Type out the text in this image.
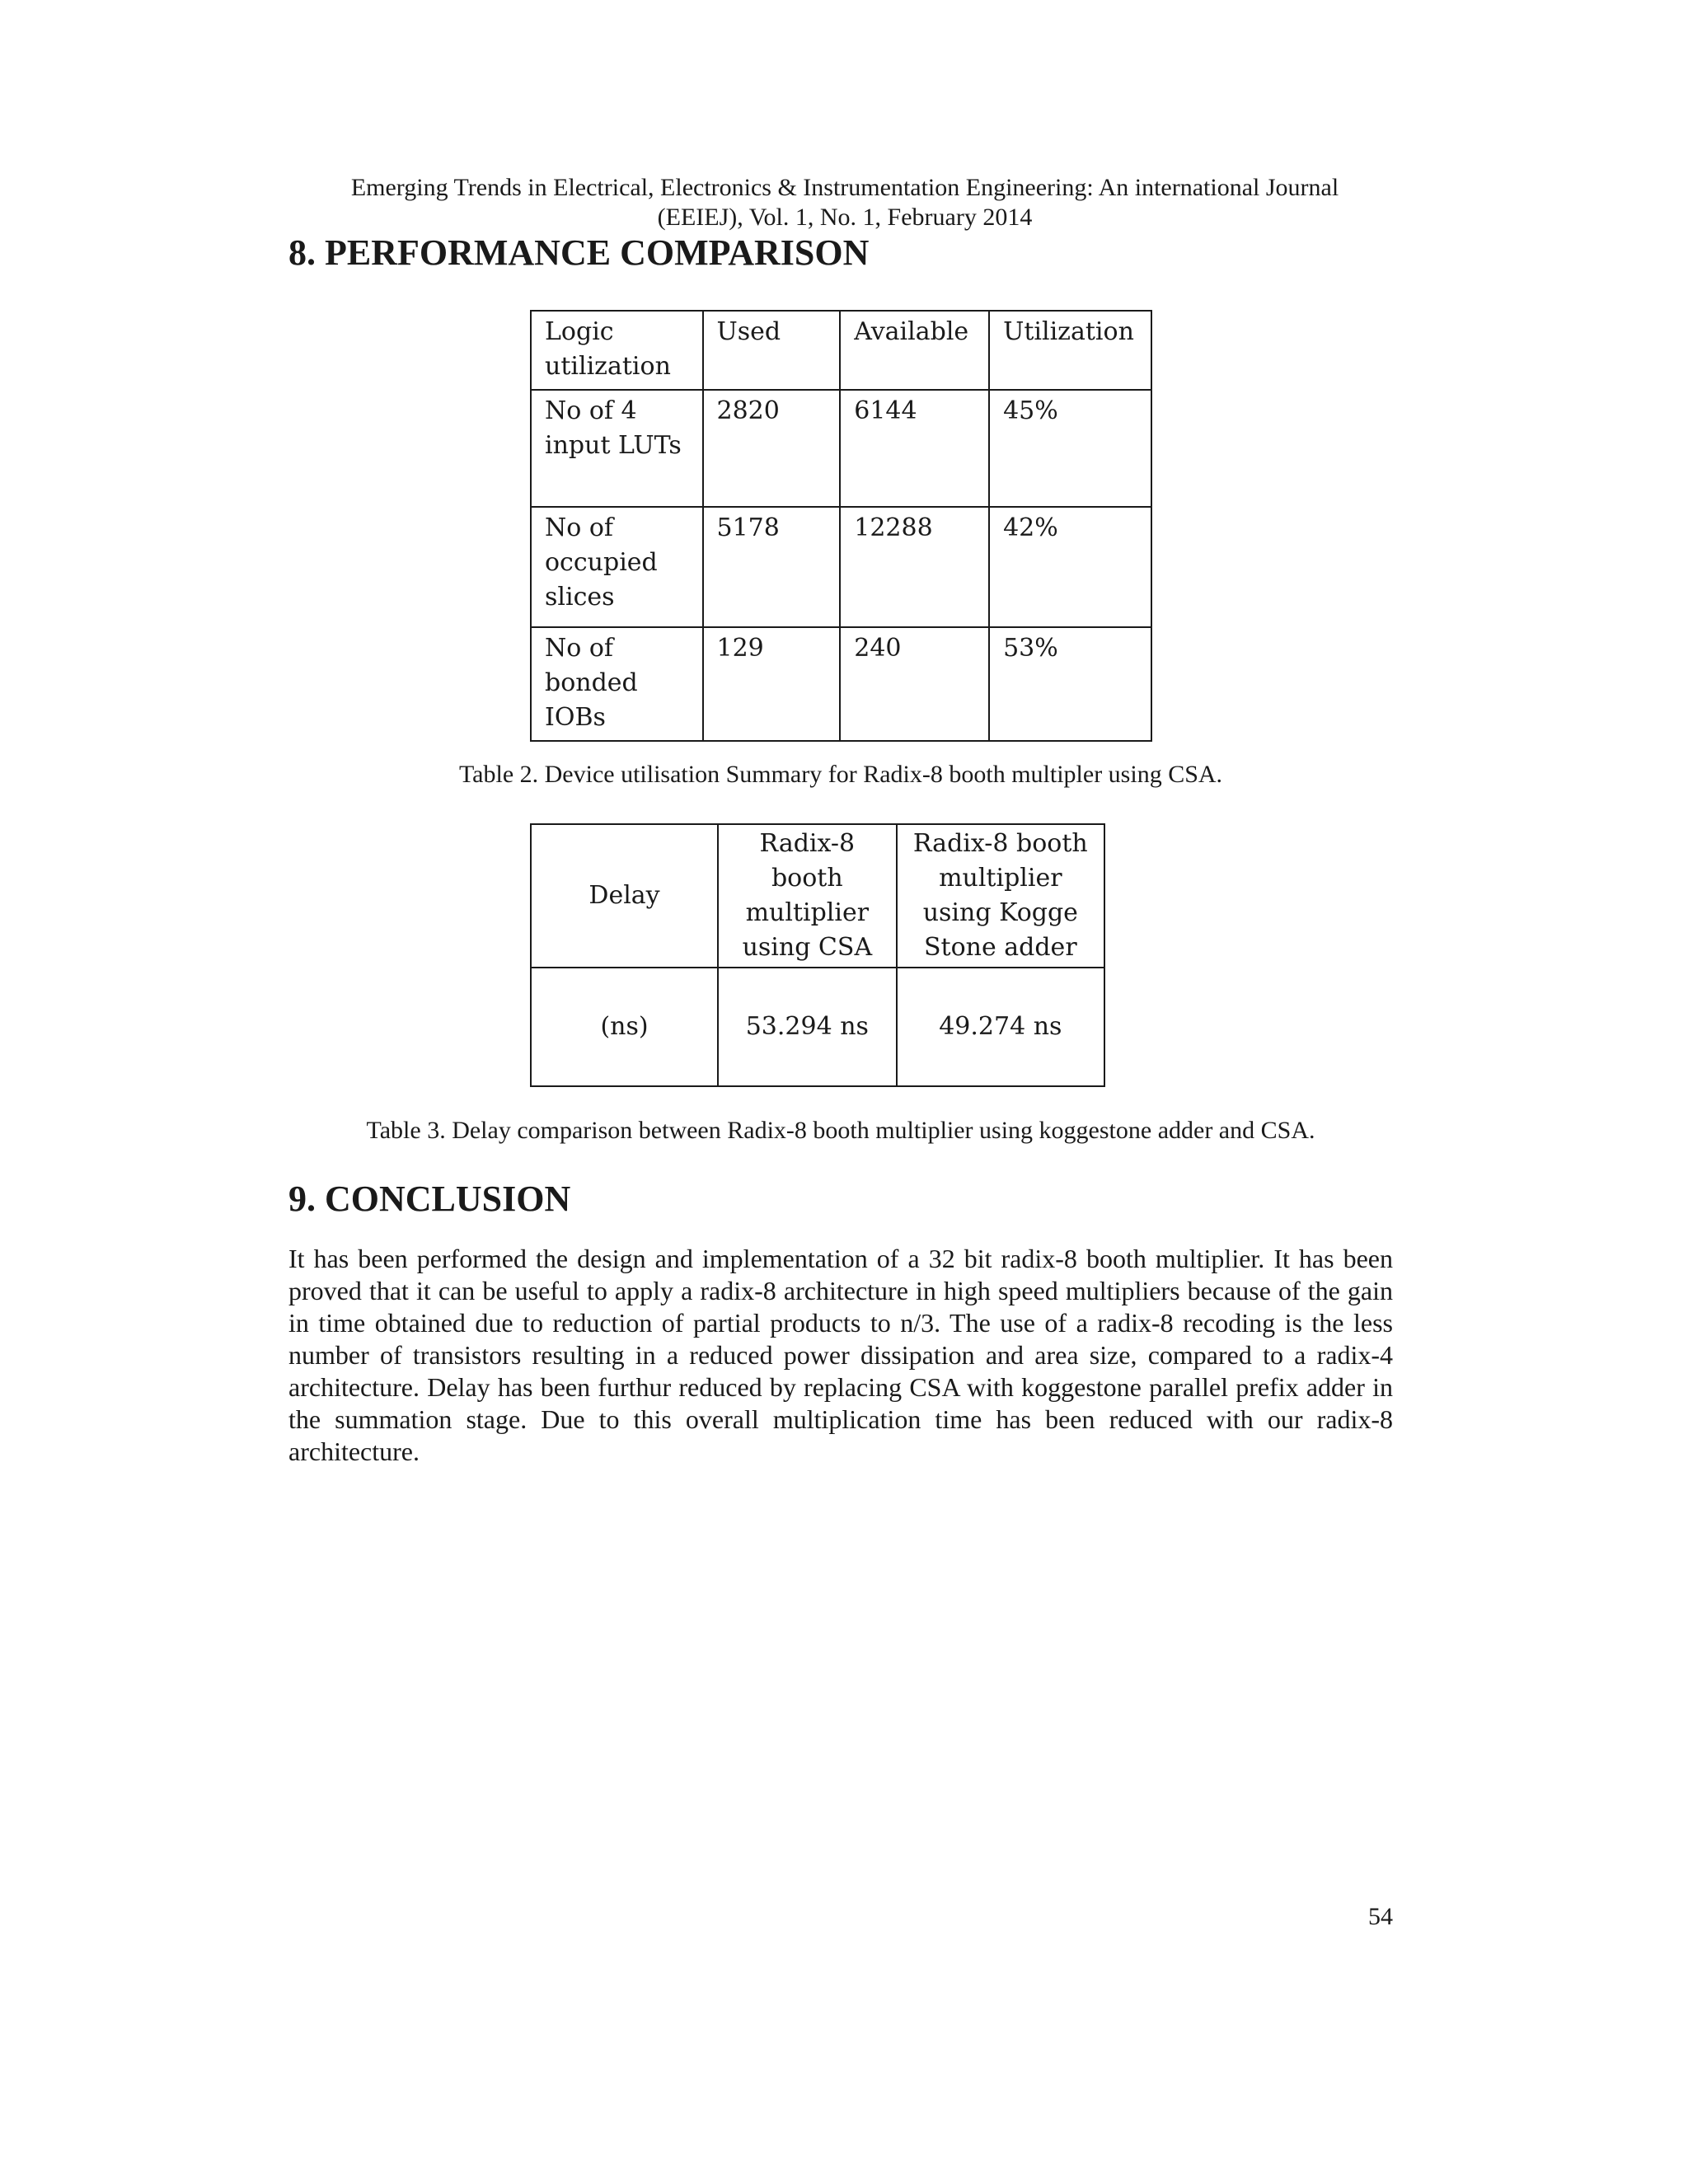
Emerging Trends in Electrical, Electronics & Instrumentation Engineering: An international Journal
(EEIEJ), Vol. 1, No. 1, February 2014
8. PERFORMANCE COMPARISON
Logic utilization	Used	Available	Utilization
No of 4 input LUTs	2820	6144	45%
No of occupied slices	5178	12288	42%
No of bonded IOBs	129	240	53%
Table 2. Device utilisation Summary for Radix-8 booth multipler using CSA.
Delay	Radix-8 booth multiplier using CSA	Radix-8 booth multiplier using Kogge Stone adder
(ns)	53.294 ns	49.274 ns
Table 3. Delay comparison between Radix-8 booth multiplier using koggestone adder and CSA.
9. CONCLUSION

It has been performed the design and implementation of a 32 bit radix-8 booth multiplier. It has been proved that it can be useful to apply a radix-8 architecture in high speed multipliers because of the gain in time obtained due to reduction of partial products to n/3. The use of a radix-8 recoding is the less number of transistors resulting in a reduced power dissipation and area size, compared to a radix-4 architecture. Delay has been furthur reduced by replacing CSA with koggestone parallel prefix adder in the summation stage. Due to this overall multiplication time has been reduced with our radix-8 architecture.

54
